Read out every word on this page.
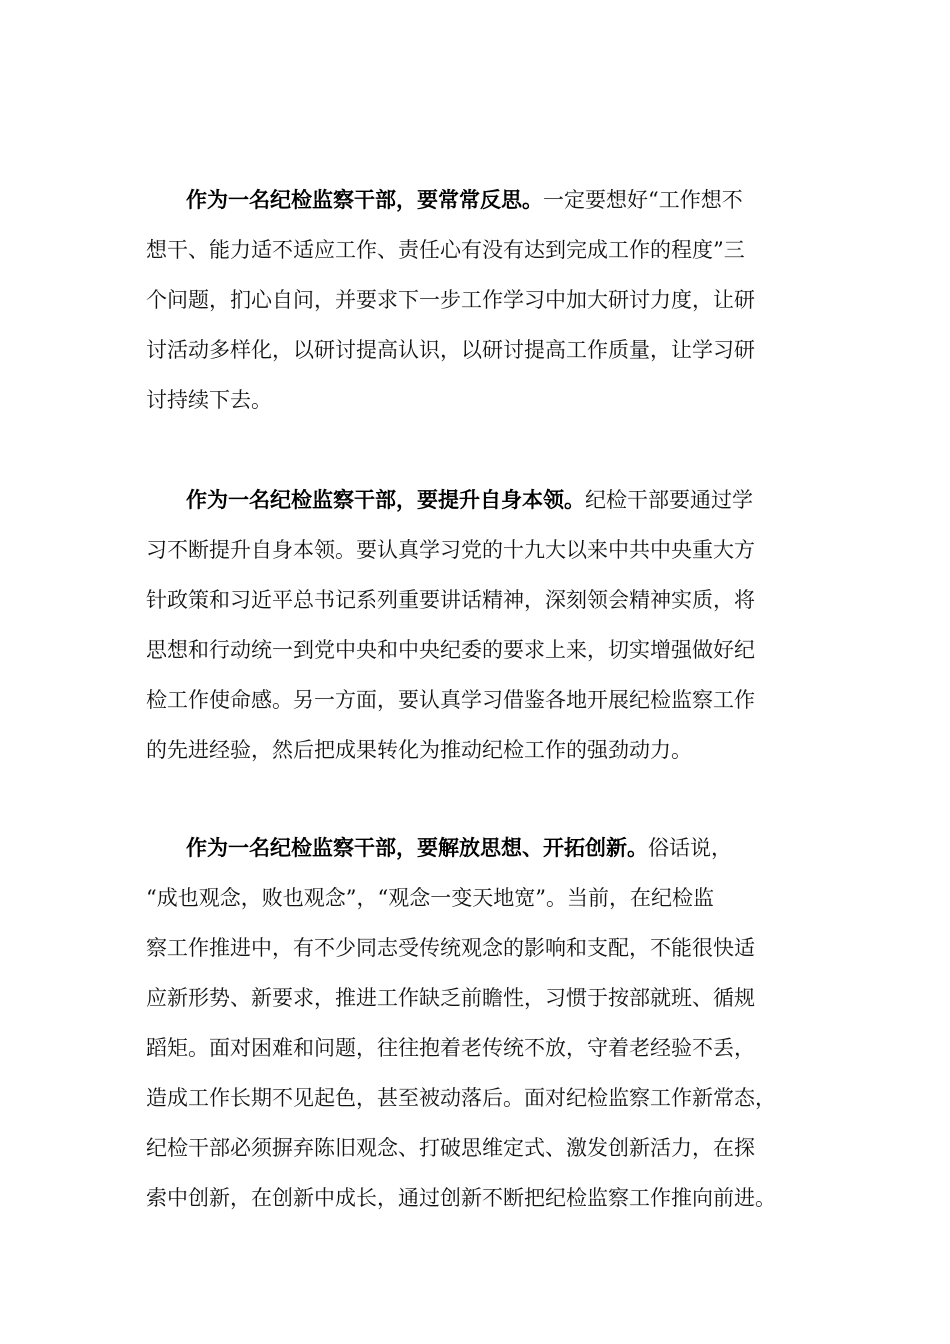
作为一名纪检监察干部，要常常反思。一定要想好“工作想不
想干、能力适不适应工作、责任心有没有达到完成工作的程度”三
个问题，扪心自问，并要求下一步工作学习中加大研讨力度，让研
讨活动多样化，以研讨提高认识，以研讨提高工作质量，让学习研
讨持续下去。
作为一名纪检监察干部，要提升自身本领。纪检干部要通过学
习不断提升自身本领。要认真学习党的十九大以来中共中央重大方
针政策和习近平总书记系列重要讲话精神，深刻领会精神实质，将
思想和行动统一到党中央和中央纪委的要求上来，切实增强做好纪
检工作使命感。另一方面，要认真学习借鉴各地开展纪检监察工作
的先进经验，然后把成果转化为推动纪检工作的强劲动力。
作为一名纪检监察干部，要解放思想、开拓创新。俗话说，
“成也观念，败也观念”，“观念一变天地宽”。当前，在纪检监
察工作推进中，有不少同志受传统观念的影响和支配，不能很快适
应新形势、新要求，推进工作缺乏前瞻性，习惯于按部就班、循规
蹈矩。面对困难和问题，往往抱着老传统不放，守着老经验不丢，
造成工作长期不见起色，甚至被动落后。面对纪检监察工作新常态，
纪检干部必须摒弃陈旧观念、打破思维定式、激发创新活力，在探
索中创新，在创新中成长，通过创新不断把纪检监察工作推向前进。
